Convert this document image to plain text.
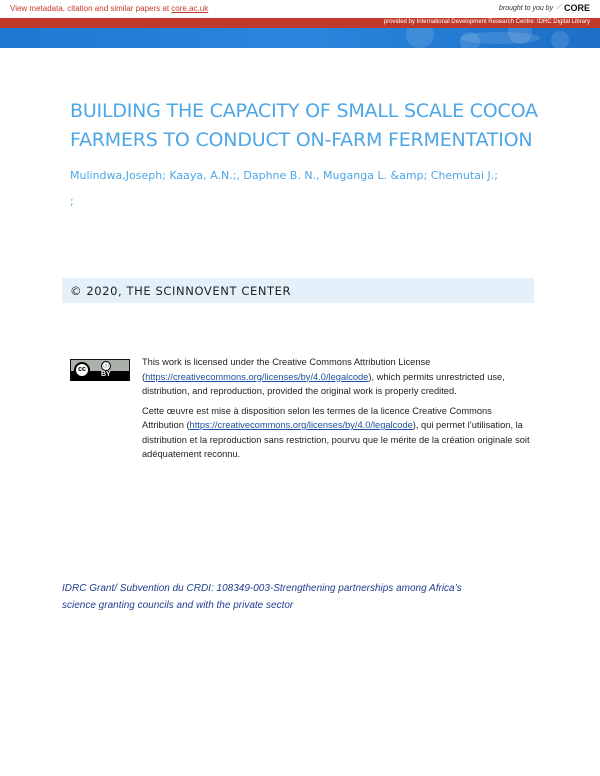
View metadata, citation and similar papers at core.ac.uk	brought to you by ⟋ CORE
provided by International Development Research Centre: IDRC Digital Library
BUILDING THE CAPACITY OF SMALL SCALE COCOA
FARMERS TO CONDUCT ON-FARM FERMENTATION
Mulindwa,Joseph; Kaaya, A.N.;, Daphne B. N., Muganga L. &amp; Chemutai J.;
;
© 2020, THE SCINNOVENT CENTER
cc
ⓘ
BY

This work is licensed under the Creative Commons Attribution License (https://creativecommons.org/licenses/by/4.0/legalcode), which permits unrestricted use, distribution, and reproduction, provided the original work is properly credited.

Cette œuvre est mise à disposition selon les termes de la licence Creative Commons Attribution (https://creativecommons.org/licenses/by/4.0/legalcode), qui permet l’utilisation, la distribution et la reproduction sans restriction, pourvu que le mérite de la création originale soit adéquatement reconnu.

IDRC Grant/ Subvention du CRDI: 108349-003-Strengthening partnerships among Africa’s
science granting councils and with the private sector
